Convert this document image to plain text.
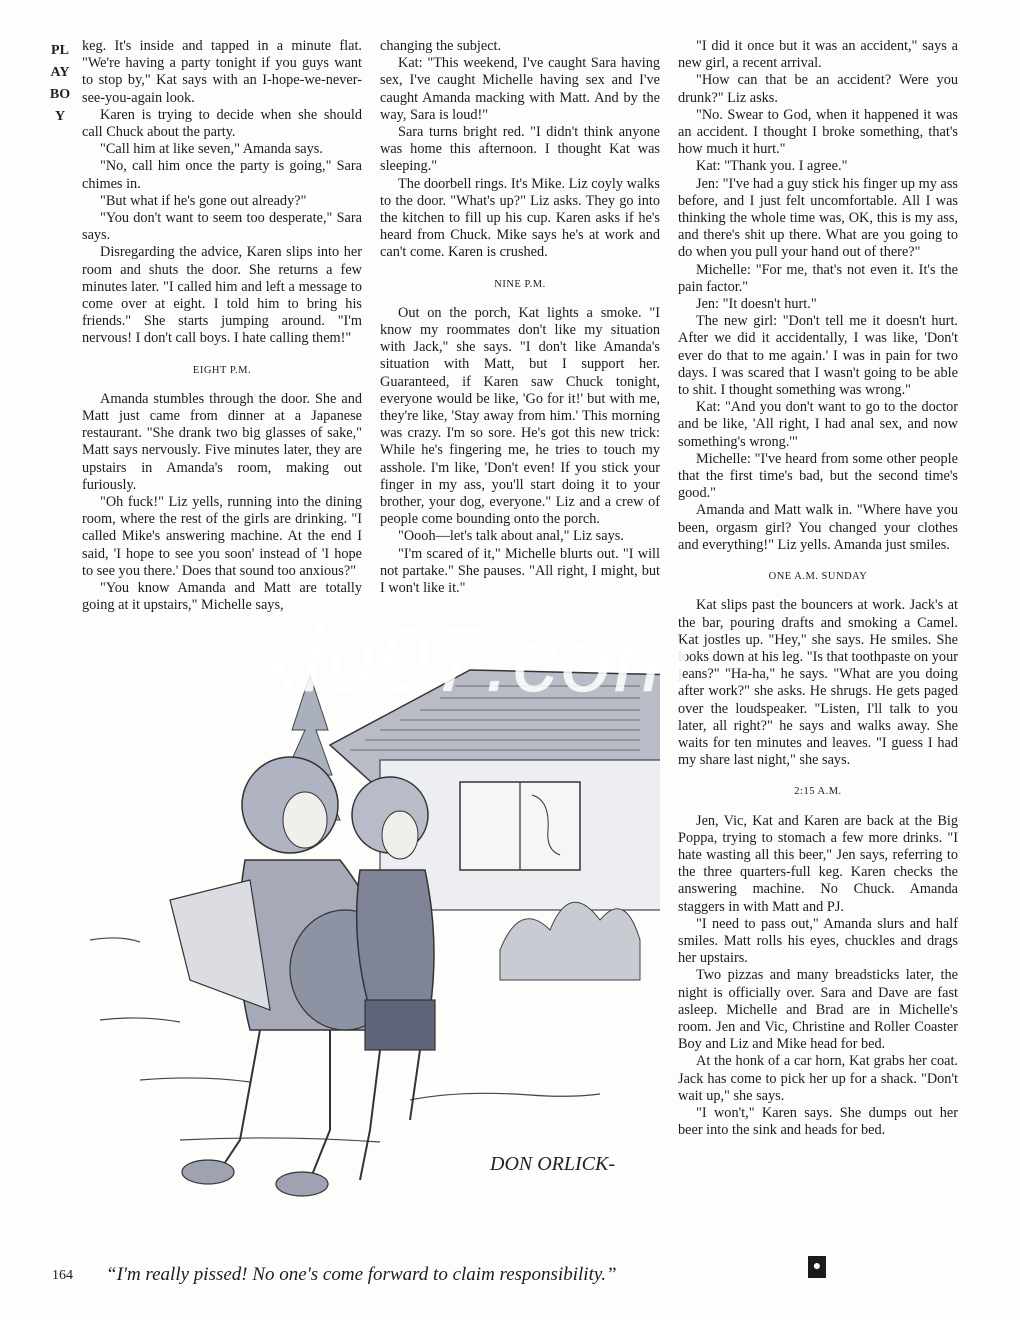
PLAYBOY

keg. It's inside and tapped in a minute flat. "We're having a party tonight if you guys want to stop by," Kat says with an I-hope-we-never-see-you-again look.

Karen is trying to decide when she should call Chuck about the party.

"Call him at like seven," Amanda says.

"No, call him once the party is going," Sara chimes in.

"But what if he's gone out already?"

"You don't want to seem too desperate," Sara says.

Disregarding the advice, Karen slips into her room and shuts the door. She returns a few minutes later. "I called him and left a message to come over at eight. I told him to bring his friends." She starts jumping around. "I'm nervous! I don't call boys. I hate calling them!"

EIGHT P.M.

Amanda stumbles through the door. She and Matt just came from dinner at a Japanese restaurant. "She drank two big glasses of sake," Matt says nervously. Five minutes later, they are upstairs in Amanda's room, making out furiously.

"Oh fuck!" Liz yells, running into the dining room, where the rest of the girls are drinking. "I called Mike's answering machine. At the end I said, 'I hope to see you soon' instead of 'I hope to see you there.' Does that sound too anxious?"

"You know Amanda and Matt are totally going at it upstairs," Michelle says,

changing the subject.

Kat: "This weekend, I've caught Sara having sex, I've caught Michelle having sex and I've caught Amanda macking with Matt. And by the way, Sara is loud!"

Sara turns bright red. "I didn't think anyone was home this afternoon. I thought Kat was sleeping."

The doorbell rings. It's Mike. Liz coyly walks to the door. "What's up?" Liz asks. They go into the kitchen to fill up his cup. Karen asks if he's heard from Chuck. Mike says he's at work and can't come. Karen is crushed.

NINE P.M.

Out on the porch, Kat lights a smoke. "I know my roommates don't like my situation with Jack," she says. "I don't like Amanda's situation with Matt, but I support her. Guaranteed, if Karen saw Chuck tonight, everyone would be like, 'Go for it!' but with me, they're like, 'Stay away from him.' This morning was crazy. I'm so sore. He's got this new trick: While he's fingering me, he tries to touch my asshole. I'm like, 'Don't even! If you stick your finger in my ass, you'll start doing it to your brother, your dog, everyone." Liz and a crew of people come bounding onto the porch.

"Oooh—let's talk about anal," Liz says.

"I'm scared of it," Michelle blurts out. "I will not partake." She pauses. "All right, I might, but I won't like it."

"I did it once but it was an accident," says a new girl, a recent arrival.

"How can that be an accident? Were you drunk?" Liz asks.

"No. Swear to God, when it happened it was an accident. I thought I broke something, that's how much it hurt."

Kat: "Thank you. I agree."

Jen: "I've had a guy stick his finger up my ass before, and I just felt uncomfortable. All I was thinking the whole time was, OK, this is my ass, and there's shit up there. What are you going to do when you pull your hand out of there?"

Michelle: "For me, that's not even it. It's the pain factor."

Jen: "It doesn't hurt."

The new girl: "Don't tell me it doesn't hurt. After we did it accidentally, I was like, 'Don't ever do that to me again.' I was in pain for two days. I was scared that I wasn't going to be able to shit. I thought something was wrong."

Kat: "And you don't want to go to the doctor and be like, 'All right, I had anal sex, and now something's wrong.'"

Michelle: "I've heard from some other people that the first time's bad, but the second time's good."

Amanda and Matt walk in. "Where have you been, orgasm girl? You changed your clothes and everything!" Liz yells. Amanda just smiles.

ONE A.M. SUNDAY

Kat slips past the bouncers at work. Jack's at the bar, pouring drafts and smoking a Camel. Kat jostles up. "Hey," she says. He smiles. She looks down at his leg. "Is that toothpaste on your jeans?" "Ha-ha," he says. "What are you doing after work?" she asks. He shrugs. He gets paged over the loudspeaker. "Listen, I'll talk to you later, all right?" he says and walks away. She waits for ten minutes and leaves. "I guess I had my share last night," she says.

2:15 A.M.

Jen, Vic, Kat and Karen are back at the Big Poppa, trying to stomach a few more drinks. "I hate wasting all this beer," Jen says, referring to the three quarters-full keg. Karen checks the answering machine. No Chuck. Amanda staggers in with Matt and PJ.

"I need to pass out," Amanda slurs and half smiles. Matt rolls his eyes, chuckles and drags her upstairs.

Two pizzas and many breadsticks later, the night is officially over. Sara and Dave are fast asleep. Michelle and Brad are in Michelle's room. Jen and Vic, Christine and Roller Coaster Boy and Liz and Mike head for bed.

At the honk of a car horn, Kat grabs her coat. Jack has come to pick her up for a shack. "Don't wait up," she says.

"I won't," Karen says. She dumps out her beer into the sink and heads for bed.

DON ORLICK-
xiu07.com
164 “I'm really pissed! No one's come forward to claim responsibility.”	●
